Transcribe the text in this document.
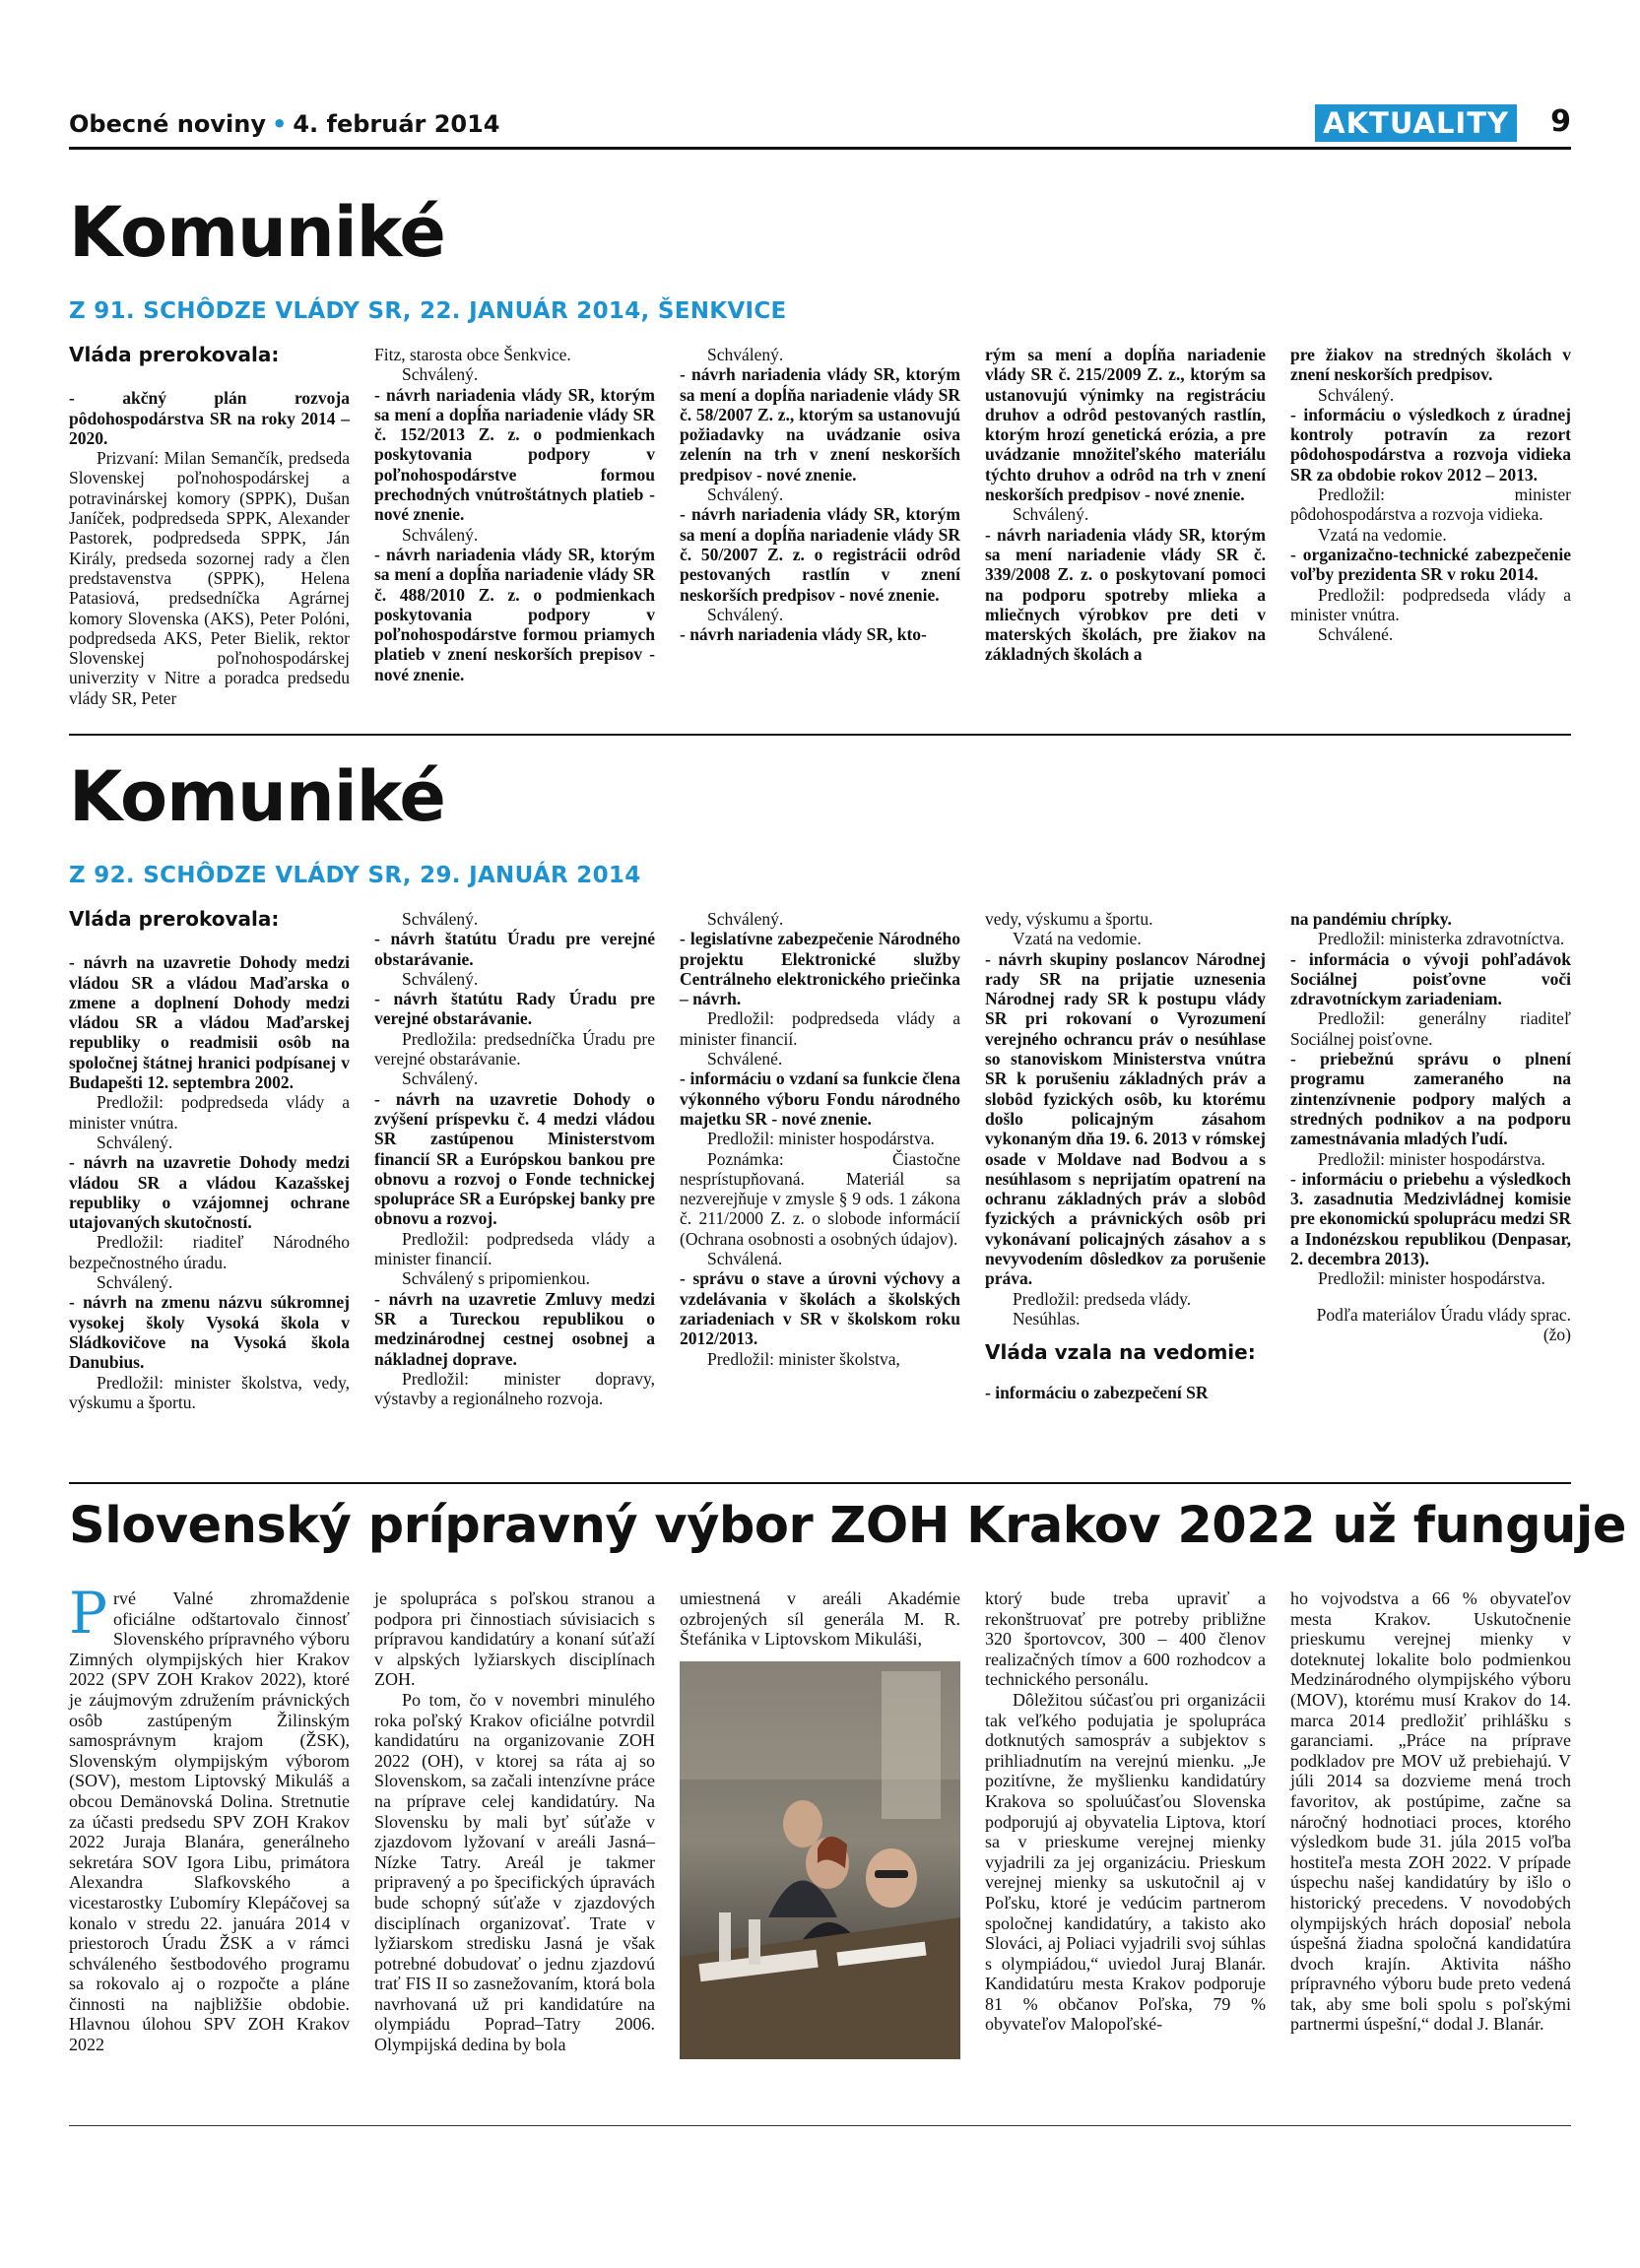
Obecné noviny • 4. február 2014	AKTUALITY 9
Komuniké
Z 91. SCHÔDZE VLÁDY SR, 22. JANUÁR 2014, ŠENKVICE
Vláda prerokovala:

- akčný plán rozvoja pôdohospodárstva SR na roky 2014 – 2020.

Prizvaní: Milan Semančík, predseda Slovenskej poľnohospodárskej a potravinárskej komory (SPPK), Dušan Janíček, podpredseda SPPK, Alexander Pastorek, podpredseda SPPK, Ján Király, predseda sozornej rady a člen predstavenstva (SPPK), Helena Patasiová, predsedníčka Agrárnej komory Slovenska (AKS), Peter Polóni, podpredseda AKS, Peter Bielik, rektor Slovenskej poľnohospodárskej univerzity v Nitre a poradca predsedu vlády SR, Peter

Fitz, starosta obce Šenkvice.

Schválený.

- návrh nariadenia vlády SR, ktorým sa mení a dopĺňa nariadenie vlády SR č. 152/2013 Z. z. o podmienkach poskytovania podpory v poľnohospodárstve formou prechodných vnútroštátnych platieb - nové znenie.

Schválený.

- návrh nariadenia vlády SR, ktorým sa mení a dopĺňa nariadenie vlády SR č. 488/2010 Z. z. o podmienkach poskytovania podpory v poľnohospodárstve formou priamych platieb v znení neskorších prepisov - nové znenie.

Schválený.

- návrh nariadenia vlády SR, ktorým sa mení a dopĺňa nariadenie vlády SR č. 58/2007 Z. z., ktorým sa ustanovujú požiadavky na uvádzanie osiva zelenín na trh v znení neskorších predpisov - nové znenie.

Schválený.

- návrh nariadenia vlády SR, ktorým sa mení a dopĺňa nariadenie vlády SR č. 50/2007 Z. z. o registrácii odrôd pestovaných rastlín v znení neskorších predpisov - nové znenie.

Schválený.

- návrh nariadenia vlády SR, kto-

rým sa mení a dopĺňa nariadenie vlády SR č. 215/2009 Z. z., ktorým sa ustanovujú výnimky na registráciu druhov a odrôd pestovaných rastlín, ktorým hrozí genetická erózia, a pre uvádzanie množiteľského materiálu týchto druhov a odrôd na trh v znení neskorších predpisov - nové znenie.

Schválený.

- návrh nariadenia vlády SR, ktorým sa mení nariadenie vlády SR č. 339/2008 Z. z. o poskytovaní pomoci na podporu spotreby mlieka a mliečnych výrobkov pre deti v materských školách, pre žiakov na základných školách a

pre žiakov na stredných školách v znení neskorších predpisov.

Schválený.

- informáciu o výsledkoch z úradnej kontroly potravín za rezort pôdohospodárstva a rozvoja vidieka SR za obdobie rokov 2012 – 2013.

Predložil: minister pôdohospodárstva a rozvoja vidieka.

Vzatá na vedomie.

- organizačno-technické zabezpečenie voľby prezidenta SR v roku 2014.

Predložil: podpredseda vlády a minister vnútra.

Schválené.

Komuniké
Z 92. SCHÔDZE VLÁDY SR, 29. JANUÁR 2014
Vláda prerokovala:

- návrh na uzavretie Dohody medzi vládou SR a vládou Maďarska o zmene a doplnení Dohody medzi vládou SR a vládou Maďarskej republiky o readmisii osôb na spoločnej štátnej hranici podpísanej v Budapešti 12. septembra 2002.

Predložil: podpredseda vlády a minister vnútra.

Schválený.

- návrh na uzavretie Dohody medzi vládou SR a vládou Kazašskej republiky o vzájomnej ochrane utajovaných skutočností.

Predložil: riaditeľ Národného bezpečnostného úradu.

Schválený.

- návrh na zmenu názvu súkromnej vysokej školy Vysoká škola v Sládkovičove na Vysoká škola Danubius.

Predložil: minister školstva, vedy, výskumu a športu.

Schválený.

- návrh štatútu Úradu pre verejné obstarávanie.

Schválený.

- návrh štatútu Rady Úradu pre verejné obstarávanie.

Predložila: predsedníčka Úradu pre verejné obstarávanie.

Schválený.

- návrh na uzavretie Dohody o zvýšení príspevku č. 4 medzi vládou SR zastúpenou Ministerstvom financií SR a Európskou bankou pre obnovu a rozvoj o Fonde technickej spolupráce SR a Európskej banky pre obnovu a rozvoj.

Predložil: podpredseda vlády a minister financií.

Schválený s pripomienkou.

- návrh na uzavretie Zmluvy medzi SR a Tureckou republikou o medzinárodnej cestnej osobnej a nákladnej doprave.

Predložil: minister dopravy, výstavby a regionálneho rozvoja.

Schválený.

- legislatívne zabezpečenie Národného projektu Elektronické služby Centrálneho elektronického priečinka – návrh.

Predložil: podpredseda vlády a minister financií.

Schválené.

- informáciu o vzdaní sa funkcie člena výkonného výboru Fondu národného majetku SR - nové znenie.

Predložil: minister hospodárstva.

Poznámka: Čiastočne nesprístupňovaná. Materiál sa nezverejňuje v zmysle § 9 ods. 1 zákona č. 211/2000 Z. z. o slobode informácií (Ochrana osobnosti a osobných údajov).

Schválená.

- správu o stave a úrovni výchovy a vzdelávania v školách a školských zariadeniach v SR v školskom roku 2012/2013.

Predložil: minister školstva,

vedy, výskumu a športu.

Vzatá na vedomie.

- návrh skupiny poslancov Národnej rady SR na prijatie uznesenia Národnej rady SR k postupu vlády SR pri rokovaní o Vyrozumení verejného ochrancu práv o nesúhlase so stanoviskom Ministerstva vnútra SR k porušeniu základných práv a slobôd fyzických osôb, ku ktorému došlo policajným zásahom vykonaným dňa 19. 6. 2013 v rómskej osade v Moldave nad Bodvou a s nesúhlasom s neprijatím opatrení na ochranu základných práv a slobôd fyzických a právnických osôb pri vykonávaní policajných zásahov a s nevyvodením dôsledkov za porušenie práva.

Predložil: predseda vlády.

Nesúhlas.

Vláda vzala na vedomie:

- informáciu o zabezpečení SR

na pandémiu chrípky.

Predložil: ministerka zdravotníctva.

- informácia o vývoji pohľadávok Sociálnej poisťovne voči zdravotníckym zariadeniam.

Predložil: generálny riaditeľ Sociálnej poisťovne.

- priebežnú správu o plnení programu zameraného na zintenzívnenie podpory malých a stredných podnikov a na podporu zamestnávania mladých ľudí.

Predložil: minister hospodárstva.

- informáciu o priebehu a výsledkoch 3. zasadnutia Medzivládnej komisie pre ekonomickú spoluprácu medzi SR a Indonézskou republikou (Denpasar, 2. decembra 2013).

Predložil: minister hospodárstva.

Podľa materiálov Úradu vlády sprac. (žo)

Slovenský prípravný výbor ZOH Krakov 2022 už funguje

Prvé Valné zhromaždenie oficiálne odštartovalo činnosť Slovenského prípravného výboru Zimných olympijských hier Krakov 2022 (SPV ZOH Krakov 2022), ktoré je záujmovým združením právnických osôb zastúpeným Žilinským samosprávnym krajom (ŽSK), Slovenským olympijským výborom (SOV), mestom Liptovský Mikuláš a obcou Demänovská Dolina. Stretnutie za účasti predsedu SPV ZOH Krakov 2022 Juraja Blanára, generálneho sekretára SOV Igora Libu, primátora Alexandra Slafkovského a vicestarostky Ľubomíry Klepáčovej sa konalo v stredu 22. januára 2014 v priestoroch Úradu ŽSK a v rámci schváleného šestbodového programu sa rokovalo aj o rozpočte a pláne činnosti na najbližšie obdobie. Hlavnou úlohou SPV ZOH Krakov 2022

je spolupráca s poľskou stranou a podpora pri činnostiach súvisiacich s prípravou kandidatúry a konaní súťaží v alpských lyžiarskych disciplínach ZOH.

Po tom, čo v novembri minulého roka poľský Krakov oficiálne potvrdil kandidatúru na organizovanie ZOH 2022 (OH), v ktorej sa ráta aj so Slovenskom, sa začali intenzívne práce na príprave celej kandidatúry. Na Slovensku by mali byť súťaže v zjazdovom lyžovaní v areáli Jasná–Nízke Tatry. Areál je takmer pripravený a po špecifických úpravách bude schopný súťaže v zjazdových disciplínach organizovať. Trate v lyžiarskom stredisku Jasná je však potrebné dobudovať o jednu zjazdovú trať FIS II so zasnežovaním, ktorá bola navrhovaná už pri kandidatúre na olympiádu Poprad–Tatry 2006. Olympijská dedina by bola

umiestnená v areáli Akadémie ozbrojených síl generála M. R. Štefánika v Liptovskom Mikuláši,

ktorý bude treba upraviť a rekonštruovať pre potreby približne 320 športovcov, 300 – 400 členov realizačných tímov a 600 rozhodcov a technického personálu.

Dôležitou súčasťou pri organizácii tak veľkého podujatia je spolupráca dotknutých samospráv a subjektov s prihliadnutím na verejnú mienku. „Je pozitívne, že myšlienku kandidatúry Krakova so spoluúčasťou Slovenska podporujú aj obyvatelia Liptova, ktorí sa v prieskume verejnej mienky vyjadrili za jej organizáciu. Prieskum verejnej mienky sa uskutočnil aj v Poľsku, ktoré je vedúcim partnerom spoločnej kandidatúry, a takisto ako Slováci, aj Poliaci vyjadrili svoj súhlas s olympiádou,“ uviedol Juraj Blanár. Kandidatúru mesta Krakov podporuje 81 % občanov Poľska, 79 % obyvateľov Malopoľské-

ho vojvodstva a 66 % obyvateľov mesta Krakov. Uskutočnenie prieskumu verejnej mienky v doteknutej lokalite bolo podmienkou Medzinárodného olympijského výboru (MOV), ktorému musí Krakov do 14. marca 2014 predložiť prihlášku s garanciami. „Práce na príprave podkladov pre MOV už prebiehajú. V júli 2014 sa dozvieme mená troch favoritov, ak postúpime, začne sa náročný hodnotiaci proces, ktorého výsledkom bude 31. júla 2015 voľba hostiteľa mesta ZOH 2022. V prípade úspechu našej kandidatúry by išlo o historický precedens. V novodobých olympijských hrách doposiaľ nebola úspešná žiadna spoločná kandidatúra dvoch krajín. Aktivita nášho prípravného výboru bude preto vedená tak, aby sme boli spolu s poľskými partnermi úspešní,“ dodal J. Blanár.
